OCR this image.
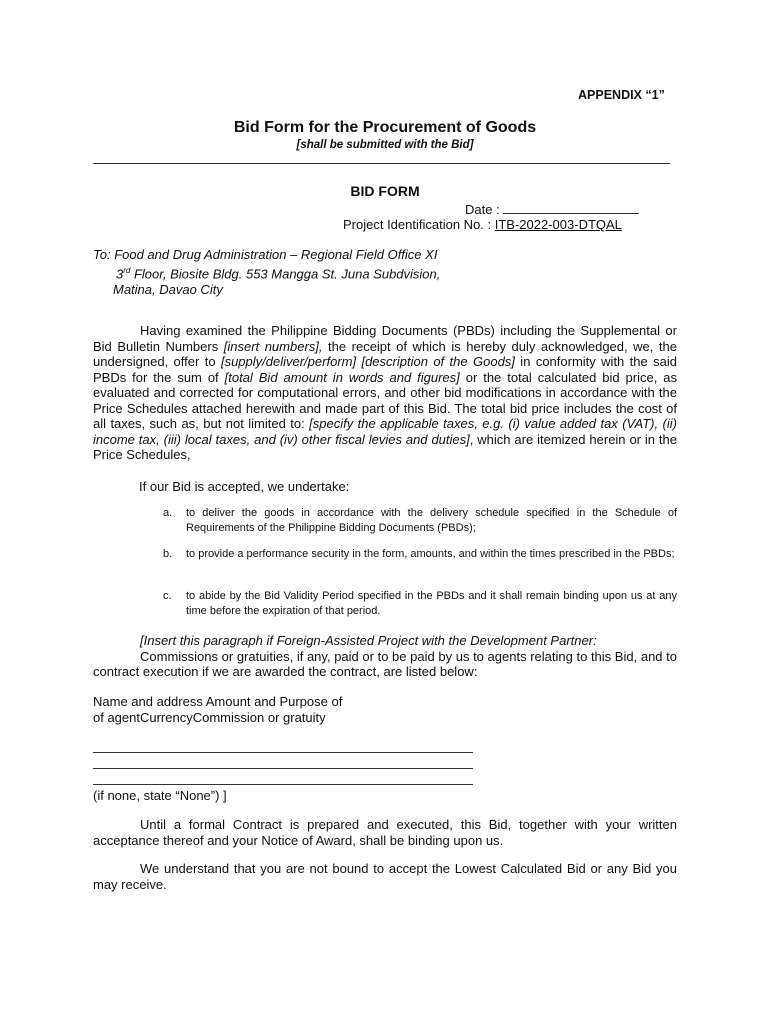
APPENDIX “1”
Bid Form for the Procurement of Goods
[shall be submitted with the Bid]
BID FORM
Date :
Project Identification No. : ITB-2022-003-DTQAL
To: Food and Drug Administration – Regional Field Office XI
3rd Floor, Biosite Bldg. 553 Mangga St. Juna Subdvision,
Matina, Davao City
Having examined the Philippine Bidding Documents (PBDs) including the Supplemental or Bid Bulletin Numbers [insert numbers], the receipt of which is hereby duly acknowledged, we, the undersigned, offer to [supply/deliver/perform] [description of the Goods] in conformity with the said PBDs for the sum of [total Bid amount in words and figures] or the total calculated bid price, as evaluated and corrected for computational errors, and other bid modifications in accordance with the Price Schedules attached herewith and made part of this Bid. The total bid price includes the cost of all taxes, such as, but not limited to: [specify the applicable taxes, e.g. (i) value added tax (VAT), (ii) income tax, (iii) local taxes, and (iv) other fiscal levies and duties], which are itemized herein or in the Price Schedules,
If our Bid is accepted, we undertake:
a. to deliver the goods in accordance with the delivery schedule specified in the Schedule of Requirements of the Philippine Bidding Documents (PBDs);
b. to provide a performance security in the form, amounts, and within the times prescribed in the PBDs;
c. to abide by the Bid Validity Period specified in the PBDs and it shall remain binding upon us at any time before the expiration of that period.
[Insert this paragraph if Foreign-Assisted Project with the Development Partner:
Commissions or gratuities, if any, paid or to be paid by us to agents relating to this Bid, and to contract execution if we are awarded the contract, are listed below:
Name and address Amount and Purpose of
of agentCurrencyCommission or gratuity
(if none, state “None”) ]
Until a formal Contract is prepared and executed, this Bid, together with your written acceptance thereof and your Notice of Award, shall be binding upon us.
We understand that you are not bound to accept the Lowest Calculated Bid or any Bid you may receive.
